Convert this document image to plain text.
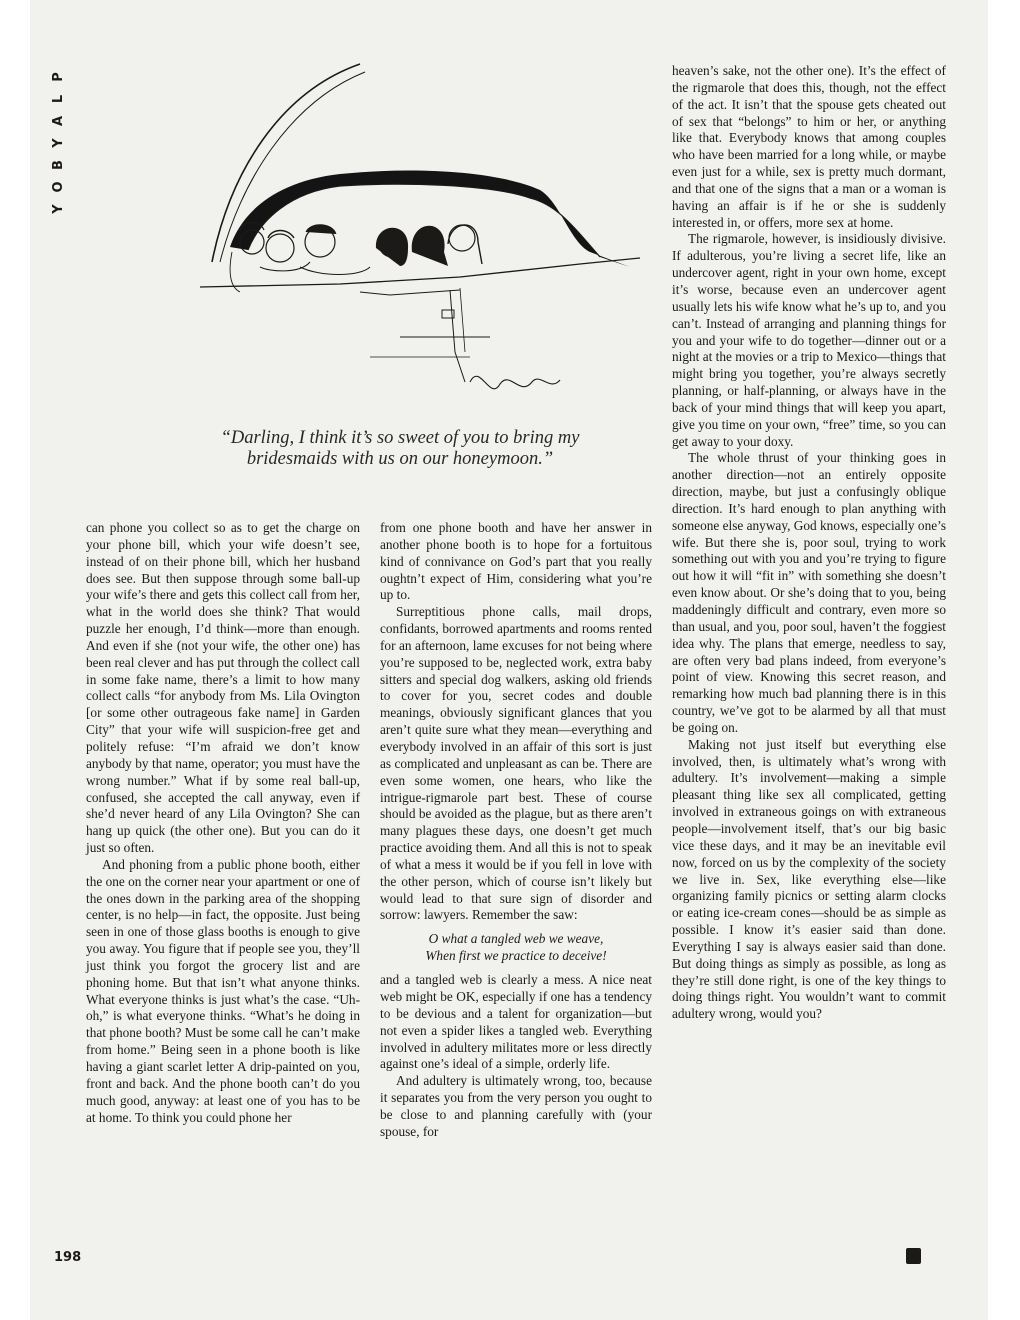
P
L
A
Y
B
O
Y
Lifurdrijru
“Darling, I think it’s so sweet of you to bring my
bridesmaids with us on our honeymoon.”

can phone you collect so as to get the charge on your phone bill, which your wife doesn’t see, instead of on their phone bill, which her husband does see. But then suppose through some ball-up your wife’s there and gets this collect call from her, what in the world does she think? That would puzzle her enough, I’d think—more than enough. And even if she (not your wife, the other one) has been real clever and has put through the collect call in some fake name, there’s a limit to how many collect calls “for anybody from Ms. Lila Ovington [or some other outrageous fake name] in Garden City” that your wife will suspicion-free get and politely refuse: “I’m afraid we don’t know anybody by that name, operator; you must have the wrong number.” What if by some real ball-up, confused, she accepted the call anyway, even if she’d never heard of any Lila Ovington? She can hang up quick (the other one). But you can do it just so often.

And phoning from a public phone booth, either the one on the corner near your apartment or one of the ones down in the parking area of the shopping center, is no help—in fact, the opposite. Just being seen in one of those glass booths is enough to give you away. You figure that if people see you, they’ll just think you forgot the grocery list and are phoning home. But that isn’t what anyone thinks. What everyone thinks is just what’s the case. “Uh-oh,” is what everyone thinks. “What’s he doing in that phone booth? Must be some call he can’t make from home.” Being seen in a phone booth is like having a giant scarlet letter A drip-painted on you, front and back. And the phone booth can’t do you much good, anyway: at least one of you has to be at home. To think you could phone her

from one phone booth and have her answer in another phone booth is to hope for a fortuitous kind of connivance on God’s part that you really oughtn’t expect of Him, considering what you’re up to.

Surreptitious phone calls, mail drops, confidants, borrowed apartments and rooms rented for an afternoon, lame excuses for not being where you’re supposed to be, neglected work, extra baby sitters and special dog walkers, asking old friends to cover for you, secret codes and double meanings, obviously significant glances that you aren’t quite sure what they mean—everything and everybody involved in an affair of this sort is just as complicated and unpleasant as can be. There are even some women, one hears, who like the intrigue-rigmarole part best. These of course should be avoided as the plague, but as there aren’t many plagues these days, one doesn’t get much practice avoiding them. And all this is not to speak of what a mess it would be if you fell in love with the other person, which of course isn’t likely but would lead to that sure sign of disorder and sorrow: lawyers. Remember the saw:

O what a tangled web we weave,
When first we practice to deceive!

and a tangled web is clearly a mess. A nice neat web might be OK, especially if one has a tendency to be devious and a talent for organization—but not even a spider likes a tangled web. Everything involved in adultery militates more or less directly against one’s ideal of a simple, orderly life.

And adultery is ultimately wrong, too, because it separates you from the very person you ought to be close to and planning carefully with (your spouse, for

heaven’s sake, not the other one). It’s the effect of the rigmarole that does this, though, not the effect of the act. It isn’t that the spouse gets cheated out of sex that “belongs” to him or her, or anything like that. Everybody knows that among couples who have been married for a long while, or maybe even just for a while, sex is pretty much dormant, and that one of the signs that a man or a woman is having an affair is if he or she is suddenly interested in, or offers, more sex at home.

The rigmarole, however, is insidiously divisive. If adulterous, you’re living a secret life, like an undercover agent, right in your own home, except it’s worse, because even an undercover agent usually lets his wife know what he’s up to, and you can’t. Instead of arranging and planning things for you and your wife to do together—dinner out or a night at the movies or a trip to Mexico—things that might bring you together, you’re always secretly planning, or half-planning, or always have in the back of your mind things that will keep you apart, give you time on your own, “free” time, so you can get away to your doxy.

The whole thrust of your thinking goes in another direction—not an entirely opposite direction, maybe, but just a confusingly oblique direction. It’s hard enough to plan anything with someone else anyway, God knows, especially one’s wife. But there she is, poor soul, trying to work something out with you and you’re trying to figure out how it will “fit in” with something she doesn’t even know about. Or she’s doing that to you, being maddeningly difficult and contrary, even more so than usual, and you, poor soul, haven’t the foggiest idea why. The plans that emerge, needless to say, are often very bad plans indeed, from everyone’s point of view. Knowing this secret reason, and remarking how much bad planning there is in this country, we’ve got to be alarmed by all that must be going on.

Making not just itself but everything else involved, then, is ultimately what’s wrong with adultery. It’s involvement—making a simple pleasant thing like sex all complicated, getting involved in extraneous goings on with extraneous people—involvement itself, that’s our big basic vice these days, and it may be an inevitable evil now, forced on us by the complexity of the society we live in. Sex, like everything else—like organizing family picnics or setting alarm clocks or eating ice-cream cones—should be as simple as possible. I know it’s easier said than done. Everything I say is always easier said than done. But doing things as simply as possible, as long as they’re still done right, is one of the key things to doing things right. You wouldn’t want to commit adultery wrong, would you?

198
